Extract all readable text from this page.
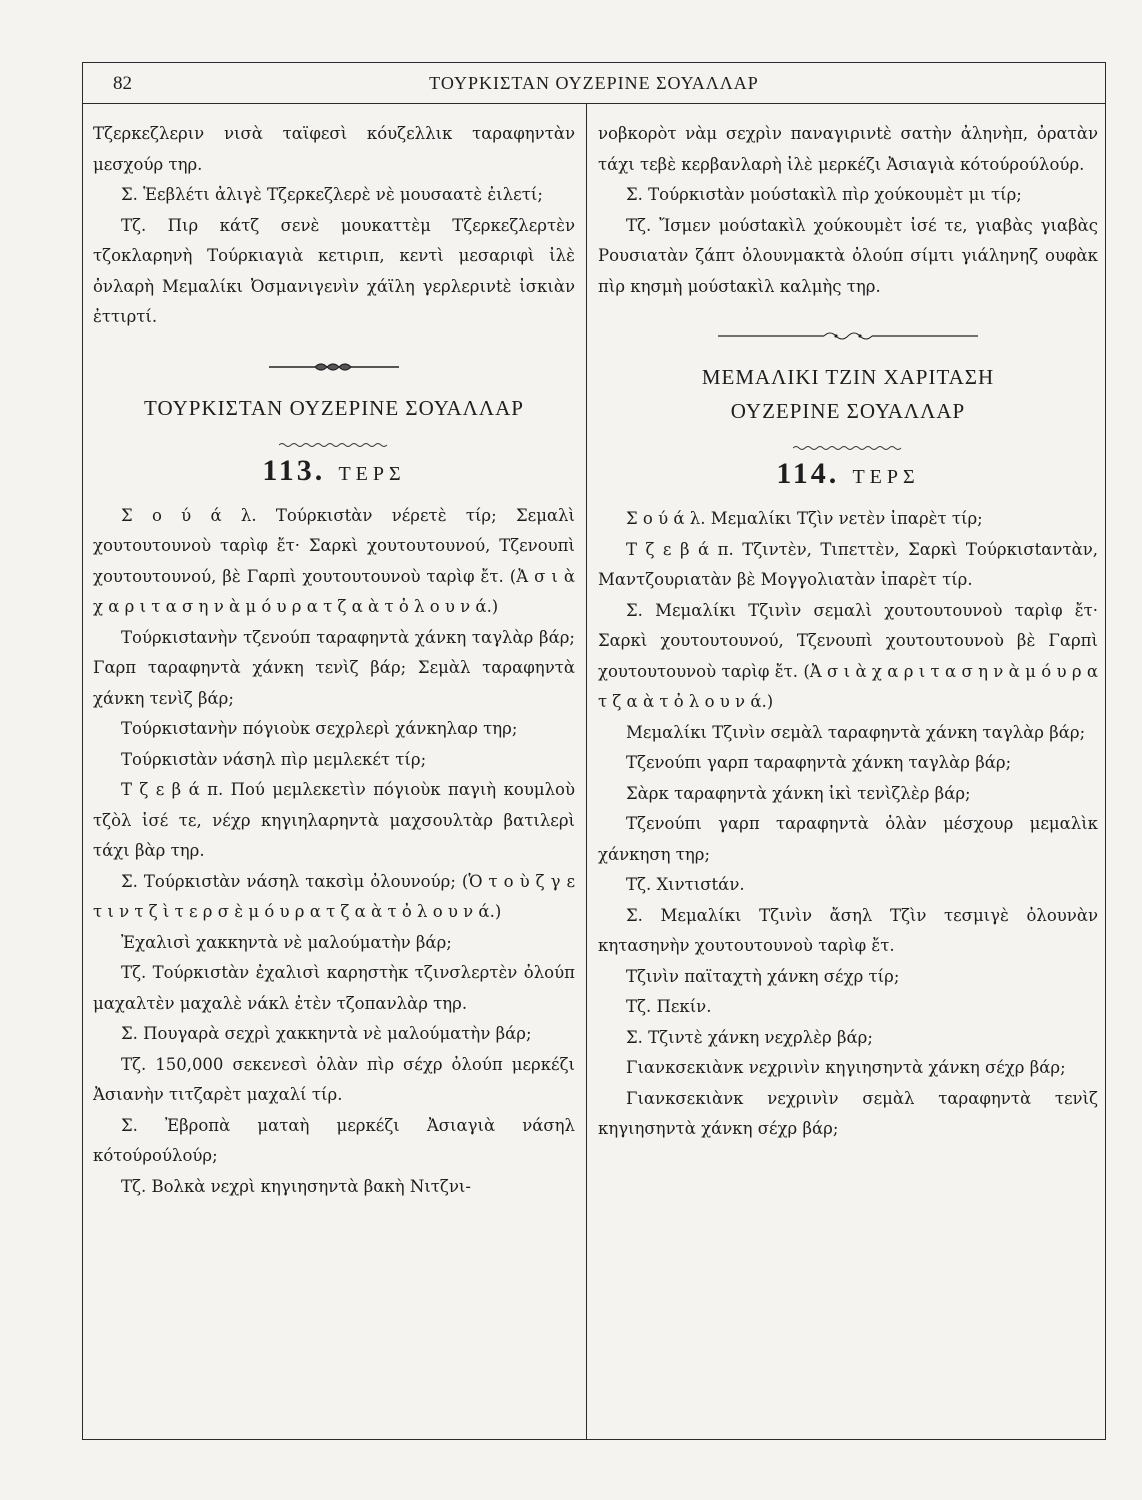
82	ΤΟΥΡΚΙΣΤΑΝ ΟΥΖΕΡΙΝΕ ΣΟΥΑΛΛΑΡ

Τζερκεζλεριν νισὰ ταϊφεσὶ κόυζελλικ ταραφηντὰν μεσχούρ τηρ.

Σ. Ἑεβλέτι ἀλιγὲ Τζερκεζλερὲ νὲ μουσαατὲ ἐιλετί;

Τζ. Πιρ κάτζ σενὲ μουκαττὲμ Τζερκεζλερτὲν τζοκλαρηνὴ Τούρκιαγιὰ κετιριπ, κεντὶ μεσαριφὶ ἰλὲ ὀνλαρὴ Μεμαλίκι Ὀσμανιγενὶν χάϊλη γερλερινtὲ ἰσκιὰν ἐττιρτί.

ΤΟΥΡΚΙΣΤΑΝ ΟΥΖΕΡΙΝΕ ΣΟΥΑΛΛΑΡ
113. ΤΕΡΣ

Σ ο ύ ά λ. Τούρκισtὰν νέρετὲ τίρ; Σεμαλὶ χουτουτουνοὺ ταρὶφ ἔτ· Σαρκὶ χουτουτουνού, Τζενουπὶ χουτουτουνού, βὲ Γαρπὶ χουτουτουνοὺ ταρὶφ ἔτ. (Ἀ σ ι ὰ χ α ρ ι τ α σ η ν ὰ μ ό υ ρ α τ ζ α ὰ τ ὀ λ ο υ ν ά.)

Τούρκισtανὴν τζενούπ ταραφηντὰ χάνκη ταγλὰρ βάρ; Γαρπ ταραφηντὰ χάνκη τενὶζ βάρ; Σεμὰλ ταραφηντὰ χάνκη τενὶζ βάρ;

Τούρκισtανὴν πόγιοὺκ σεχρλερὶ χάνκηλαρ τηρ;

Τούρκισtὰν νάσηλ πὶρ μεμλεκέτ τίρ;

Τ ζ ε β ά π. Πού μεμλεκετὶν πόγιοὺκ παγιὴ κουμλοὺ τζὸλ ἰσέ τε, νέχρ κηγιηλαρηντὰ μαχσουλτὰρ βατιλερὶ τάχι βὰρ τηρ.

Σ. Τούρκισtὰν νάσηλ τακσὶμ ὀλουνούρ; (Ὁ τ ο ὺ ζ γ ε τ ι ν τ ζ ὶ τ ε ρ σ ὲ μ ό υ ρ α τ ζ α ὰ τ ὀ λ ο υ ν ά.)

Ἐχαλισὶ χακκηντὰ νὲ μαλούματὴν βάρ;

Τζ. Τούρκισtὰν ἐχαλισὶ καρηστὴκ τζινσλερτὲν ὀλούπ μαχαλτὲν μαχαλὲ νάκλ ἐτὲν τζοπανλὰρ τηρ.

Σ. Πουγαρὰ σεχρὶ χακκηντὰ νὲ μαλούματὴν βάρ;

Τζ. 150,000 σεκενεσὶ ὀλὰν πὶρ σέχρ ὀλούπ μερκέζι Ἀσιανὴν τιτζαρὲτ μαχαλί τίρ.

Σ. Ἐβροπὰ ματαὴ μερκέζι Ἀσιαγιὰ νάσηλ κότούρούλούρ;

Τζ. Βολκὰ νεχρὶ κηγιησηντὰ βακὴ Νιτζνι-

νοβκορὸτ νὰμ σεχρὶν παναγιρινtὲ σατὴν ἀληνὴπ, ὀρατὰν τάχι τεβὲ κερβανλαρὴ ἰλὲ μερκέζι Ἀσιαγιὰ κότούρούλούρ.

Σ. Τούρκισtὰν μούσtακὶλ πὶρ χούκουμὲτ μι τίρ;

Τζ. Ἴσμεν μούσtακὶλ χούκουμὲτ ἰσέ τε, γιαβὰς γιαβὰς Ρουσιατὰν ζάπτ ὀλουνμακτὰ ὀλούπ σίμτι γιάληνηζ ουφὰκ πὶρ κησμὴ μούσtακὶλ καλμὴς τηρ.

ΜΕΜΑΛΙΚΙ ΤΖΙΝ ΧΑΡΙΤΑΣΗ
ΟΥΖΕΡΙΝΕ ΣΟΥΑΛΛΑΡ
114. ΤΕΡΣ

Σ ο ύ ά λ. Μεμαλίκι Τζὶν νετὲν ἰπαρὲτ τίρ;

Τ ζ ε β ά π. Τζιντὲν, Τιπεττὲν, Σαρκὶ Τούρκισtαντὰν, Μαντζουριατὰν βὲ Μογγολιατὰν ἰπαρὲτ τίρ.

Σ. Μεμαλίκι Τζινὶν σεμαλὶ χουτουτουνοὺ ταρὶφ ἔτ· Σαρκὶ χουτουτουνού, Τζενουπὶ χουτουτουνοὺ βὲ Γαρπὶ χουτουτουνοὺ ταρὶφ ἔτ. (Ἀ σ ι ὰ χ α ρ ι τ α σ η ν ὰ μ ό υ ρ α τ ζ α ὰ τ ὀ λ ο υ ν ά.)

Μεμαλίκι Τζινὶν σεμὰλ ταραφηντὰ χάνκη ταγλὰρ βάρ;

Τζενούπι γαρπ ταραφηντὰ χάνκη ταγλὰρ βάρ;

Σὰρκ ταραφηντὰ χάνκη ἰκὶ τενὶζλὲρ βάρ;

Τζενούπι γαρπ ταραφηντὰ ὀλὰν μέσχουρ μεμαλὶκ χάνκηση τηρ;

Τζ. Χιντισtάν.

Σ. Μεμαλίκι Τζινὶν ἄσηλ Τζὶν τεσμιγὲ ὀλουνὰν κητασηνὴν χουτουτουνοὺ ταρὶφ ἔτ.

Τζινὶν παϊταχτὴ χάνκη σέχρ τίρ;

Τζ. Πεκίν.

Σ. Τζιντὲ χάνκη νεχρλὲρ βάρ;

Γιανκσεκιὰνκ νεχρινὶν κηγιησηντὰ χάνκη σέχρ βάρ;

Γιανκσεκιὰνκ νεχρινὶν σεμὰλ ταραφηντὰ τενὶζ κηγιησηντὰ χάνκη σέχρ βάρ;
